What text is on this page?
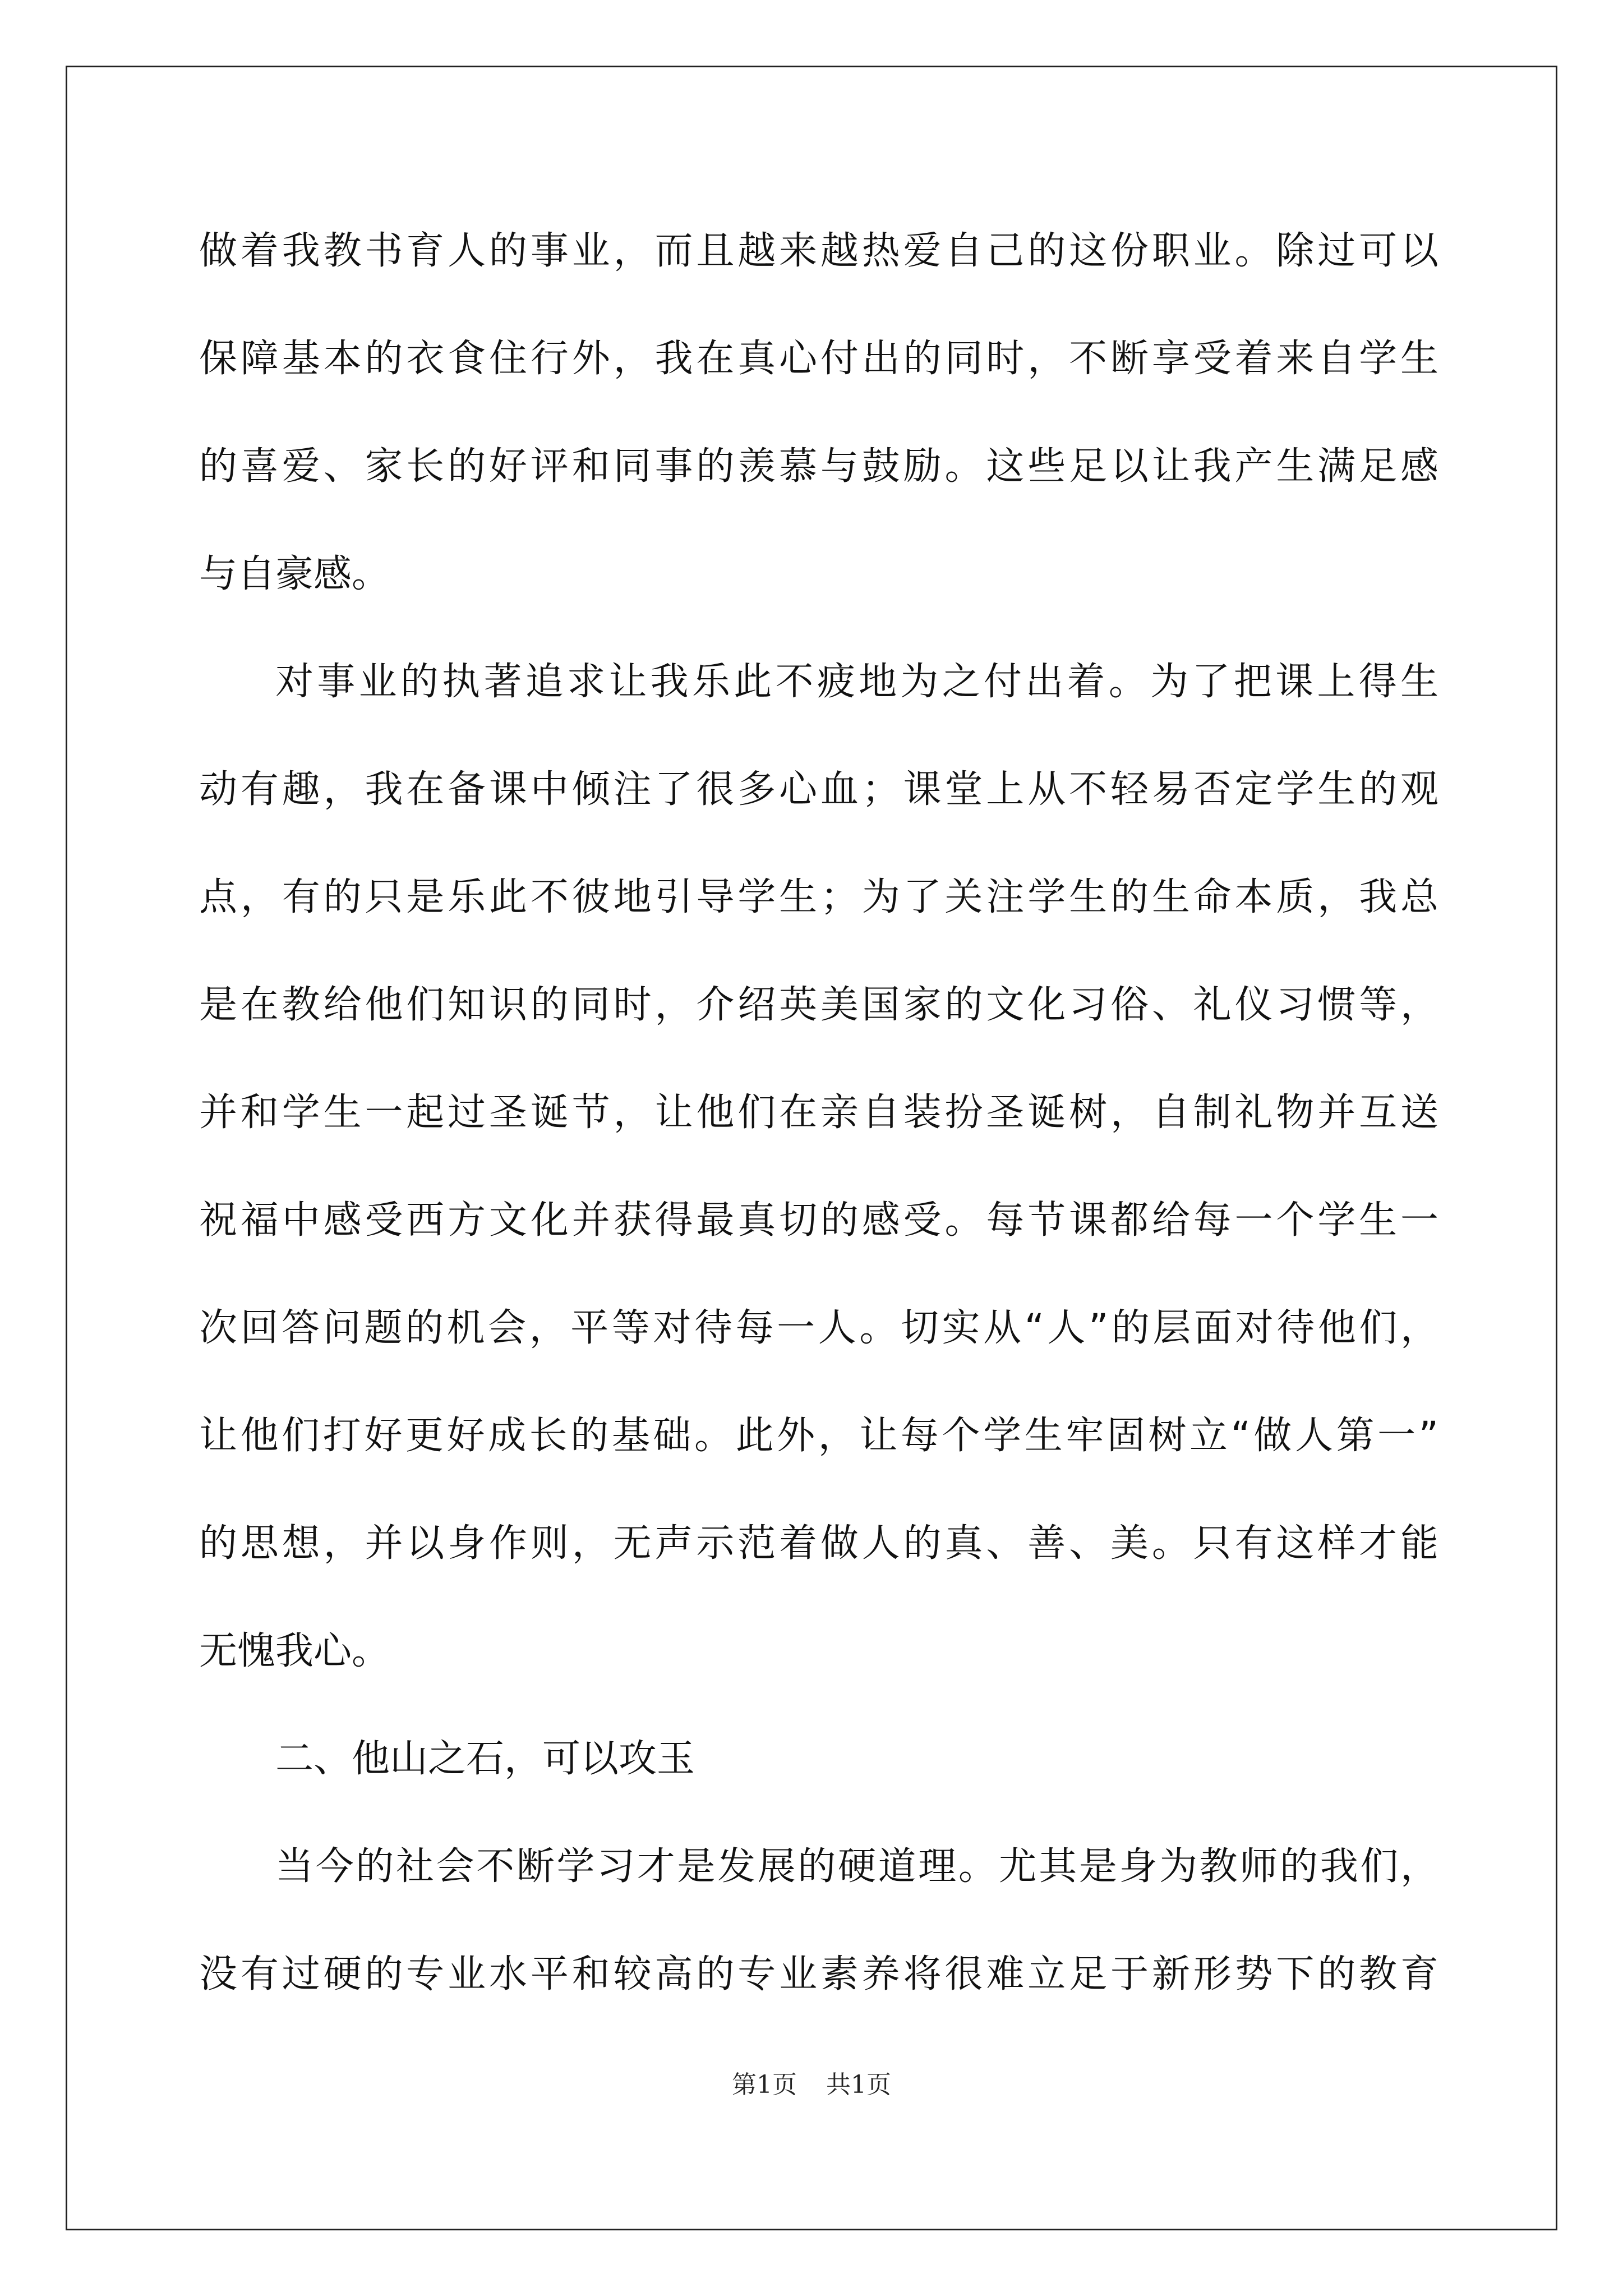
做着我教书育人的事业，而且越来越热爱自己的这份职业。除过可以
保障基本的衣食住行外，我在真心付出的同时，不断享受着来自学生
的喜爱、家长的好评和同事的羡慕与鼓励。这些足以让我产生满足感
与自豪感。
对事业的执著追求让我乐此不疲地为之付出着。为了把课上得生
动有趣，我在备课中倾注了很多心血；课堂上从不轻易否定学生的观
点，有的只是乐此不彼地引导学生；为了关注学生的生命本质，我总
是在教给他们知识的同时，介绍英美国家的文化习俗、礼仪习惯等，
并和学生一起过圣诞节，让他们在亲自装扮圣诞树，自制礼物并互送
祝福中感受西方文化并获得最真切的感受。每节课都给每一个学生一
次回答问题的机会，平等对待每一人。切实从“人”的层面对待他们，
让他们打好更好成长的基础。此外，让每个学生牢固树立“做人第一”
的思想，并以身作则，无声示范着做人的真、善、美。只有这样才能
无愧我心。
二、他山之石，可以攻玉
当今的社会不断学习才是发展的硬道理。尤其是身为教师的我们，
没有过硬的专业水平和较高的专业素养将很难立足于新形势下的教育
第1页 共1页
